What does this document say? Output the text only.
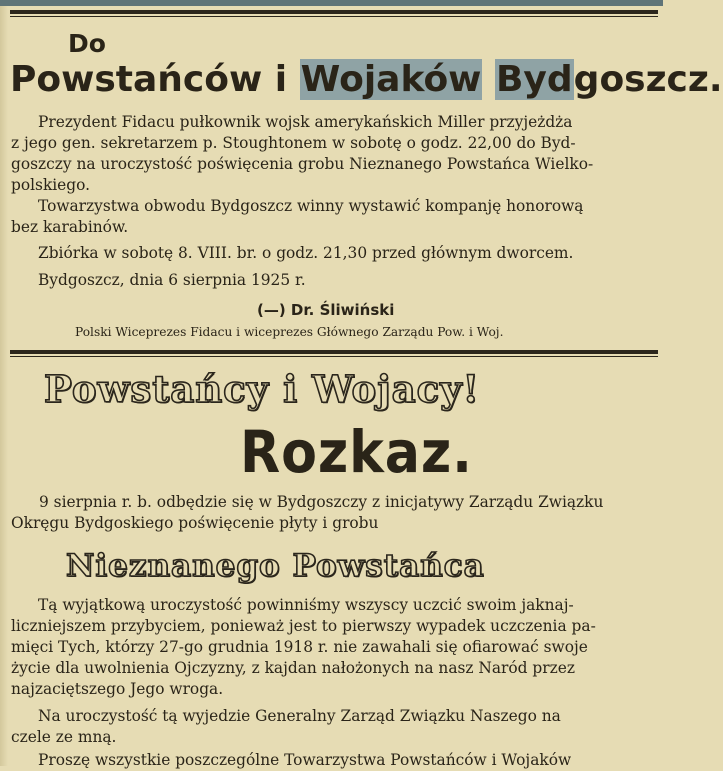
Do
Powstańców i Wojaków Bydgoszcz.
Prezydent Fidacu pułkownik wojsk amerykańskich Miller przyjeżdża
z jego gen. sekretarzem p. Stoughtonem w sobotę o godz. 22,00 do Byd-
goszczy na uroczystość poświęcenia grobu Nieznanego Powstańca Wielko-
polskiego.
Towarzystwa obwodu Bydgoszcz winny wystawić kompanję honorową
bez karabinów.
Zbiórka w sobotę 8. VIII. br. o godz. 21,30 przed głównym dworcem.
Bydgoszcz, dnia 6 sierpnia 1925 r.
(—) Dr. Śliwiński
Polski Wiceprezes Fidacu i wiceprezes Głównego Zarządu Pow. i Woj.
Powstańcy i Wojacy!
Rozkaz.
9 sierpnia r. b. odbędzie się w Bydgoszczy z inicjatywy Zarządu Związku
Okręgu Bydgoskiego poświęcenie płyty i grobu
Nieznanego Powstańca
Tą wyjątkową uroczystość powinniśmy wszyscy uczcić swoim jaknaj-
liczniejszem przybyciem, ponieważ jest to pierwszy wypadek uczczenia pa-
mięci Tych, którzy 27-go grudnia 1918 r. nie zawahali się ofiarować swoje
życie dla uwolnienia Ojczyzny, z kajdan nałożonych na nasz Naród przez
najzaciętszego Jego wroga.
Na uroczystość tą wyjedzie Generalny Zarząd Związku Naszego na
czele ze mną.
Proszę wszystkie poszczególne Towarzystwa Powstańców i Wojaków
